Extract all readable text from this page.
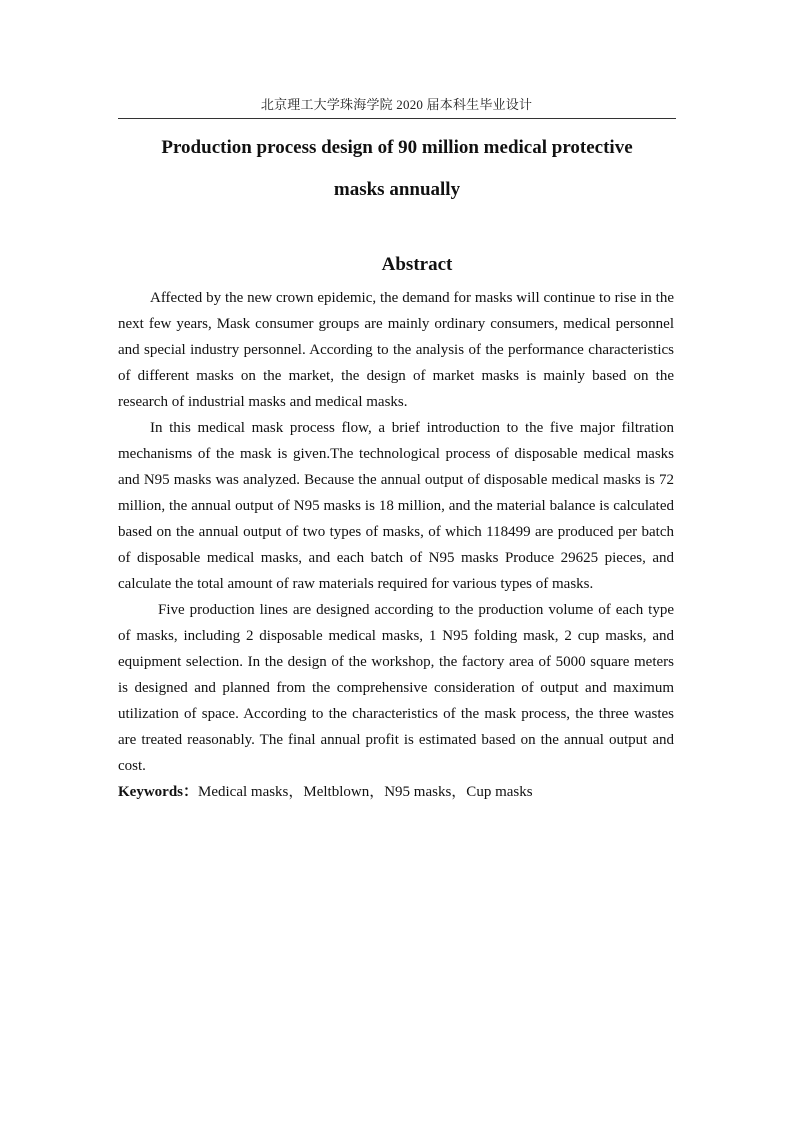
北京理工大学珠海学院 2020 届本科生毕业设计
Production process design of 90 million medical protective
masks annually
Abstract

Affected by the new crown epidemic, the demand for masks will continue to rise in the next few years, Mask consumer groups are mainly ordinary consumers, medical personnel and special industry personnel. According to the analysis of the performance characteristics of different masks on the market, the design of market masks is mainly based on the research of industrial masks and medical masks.

In this medical mask process flow, a brief introduction to the five major filtration mechanisms of the mask is given.The technological process of disposable medical masks and N95 masks was analyzed. Because the annual output of disposable medical masks is 72 million, the annual output of N95 masks is 18 million, and the material balance is calculated based on the annual output of two types of masks, of which 118499 are produced per batch of disposable medical masks, and each batch of N95 masks Produce 29625 pieces, and calculate the total amount of raw materials required for various types of masks.

Five production lines are designed according to the production volume of each type of masks, including 2 disposable medical masks, 1 N95 folding mask, 2 cup masks, and equipment selection. In the design of the workshop, the factory area of 5000 square meters is designed and planned from the comprehensive consideration of output and maximum utilization of space. According to the characteristics of the mask process, the three wastes are treated reasonably. The final annual profit is estimated based on the annual output and cost.

Keywords：Medical masks，Meltblown，N95 masks，Cup masks
